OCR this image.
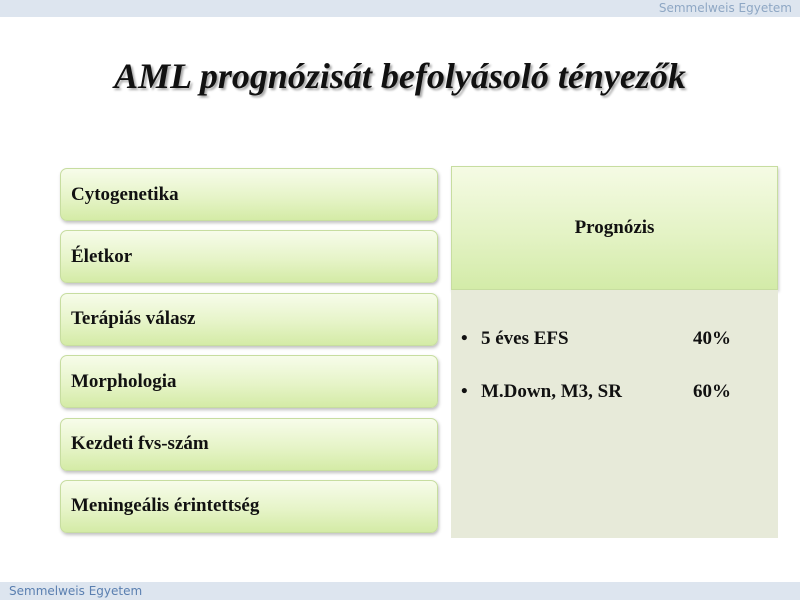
Semmelweis Egyetem
AML prognózisát befolyásoló tényezők
Cytogenetika
Életkor
Terápiás válasz
Morphologia
Kezdeti fvs-szám
Meningeális érintettség
Prognózis
• 5 éves EFS	40%
• M.Down, M3, SR	60%
Semmelweis Egyetem
